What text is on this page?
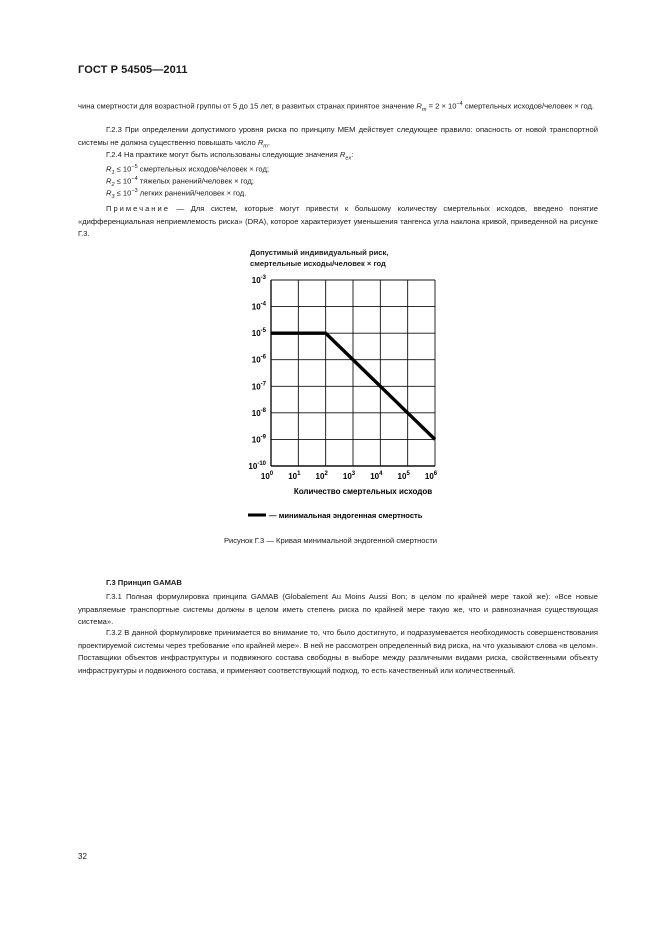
ГОСТ Р 54505—2011

чина смертности для возрастной группы от 5 до 15 лет, в развитых странах принятое значение $R_m = 2 \times 10^{-4}$ смертельных исходов/человек × год.

Г.2.3 При определении допустимого уровня риска по принципу МЕМ действует следующее правило: опасность от новой транспортной системы не должна существенно повышать число $R_m$.

Г.2.4 На практике могут быть использованы следующие значения $R_{ex}$:

$R_1 \le 10^{-5}$ смертельных исходов/человек × год;

$R_2 \le 10^{-4}$ тяжелых ранений/человек × год;

$R_3 \le 10^{-3}$ легких ранений/человек × год.

Примечание — Для систем, которые могут привести к большому количеству смертельных исходов, введено понятие «дифференциальная неприемлемость риска» (DRA), которое характеризует уменьшения тангенса угла наклона кривой, приведенной на рисунке Г.3.

$10^0$ $10^1$ $10^2$ $10^3$ $10^4$ $10^5$ $10^6$
$10^{-3}$
$10^{-4}$
$10^{-5}$
$10^{-6}$
$10^{-7}$
$10^{-8}$
$10^{-9}$
$10^{-10}$
Количество смертельных исходов
— минимальная эндогенная смертность
Допустимый индивидуальный риск,
смертельные исходы/человек × год
Рисунок Г.3 — Кривая минимальной эндогенной смертности
Г.3 Принцип GAMAB

Г.3.1 Полная формулировка принципа GAMAB (Globalement Au Moins Aussi Bon; в целом по крайней мере такой же): «Все новые управляемые транспортные системы должны в целом иметь степень риска по крайней мере такую же, что и равнозначная существующая система».

Г.3.2 В данной формулировке принимается во внимание то, что было достигнуто, и подразумевается необходимость совершенствования проектируемой системы через требование «по крайней мере». В ней не рассмотрен определенный вид риска, на что указывают слова «в целом». Поставщики объектов инфраструктуры и подвижного состава свободны в выборе между различными видами риска, свойственными объекту инфраструктуры и подвижного состава, и применяют соответствующий подход, то есть качественный или количественный.

32
